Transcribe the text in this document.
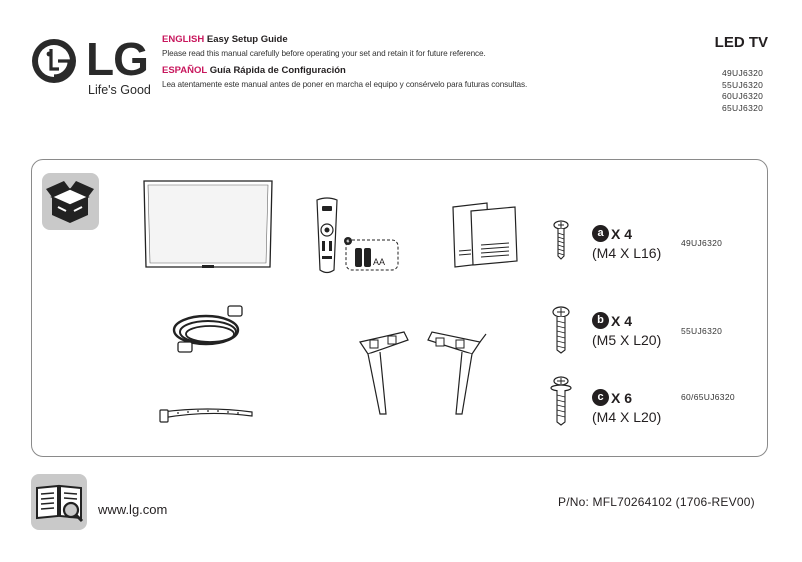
LG
Life's Good
ENGLISH Easy Setup Guide
Please read this manual carefully before operating your set and retain it for future reference.
ESPAÑOL Guía Rápida de Configuración
Lea atentamente este manual antes de poner en marcha el equipo y consérvelo para futuras consultas.
LED TV
49UJ6320
55UJ6320
60UJ6320
65UJ6320
AA
a X 4
(M4 X L16)
49UJ6320
b X 4
(M5 X L20)
55UJ6320
c X 6
(M4 X L20)
60/65UJ6320
www.lg.com	P/No: MFL70264102 (1706-REV00)
